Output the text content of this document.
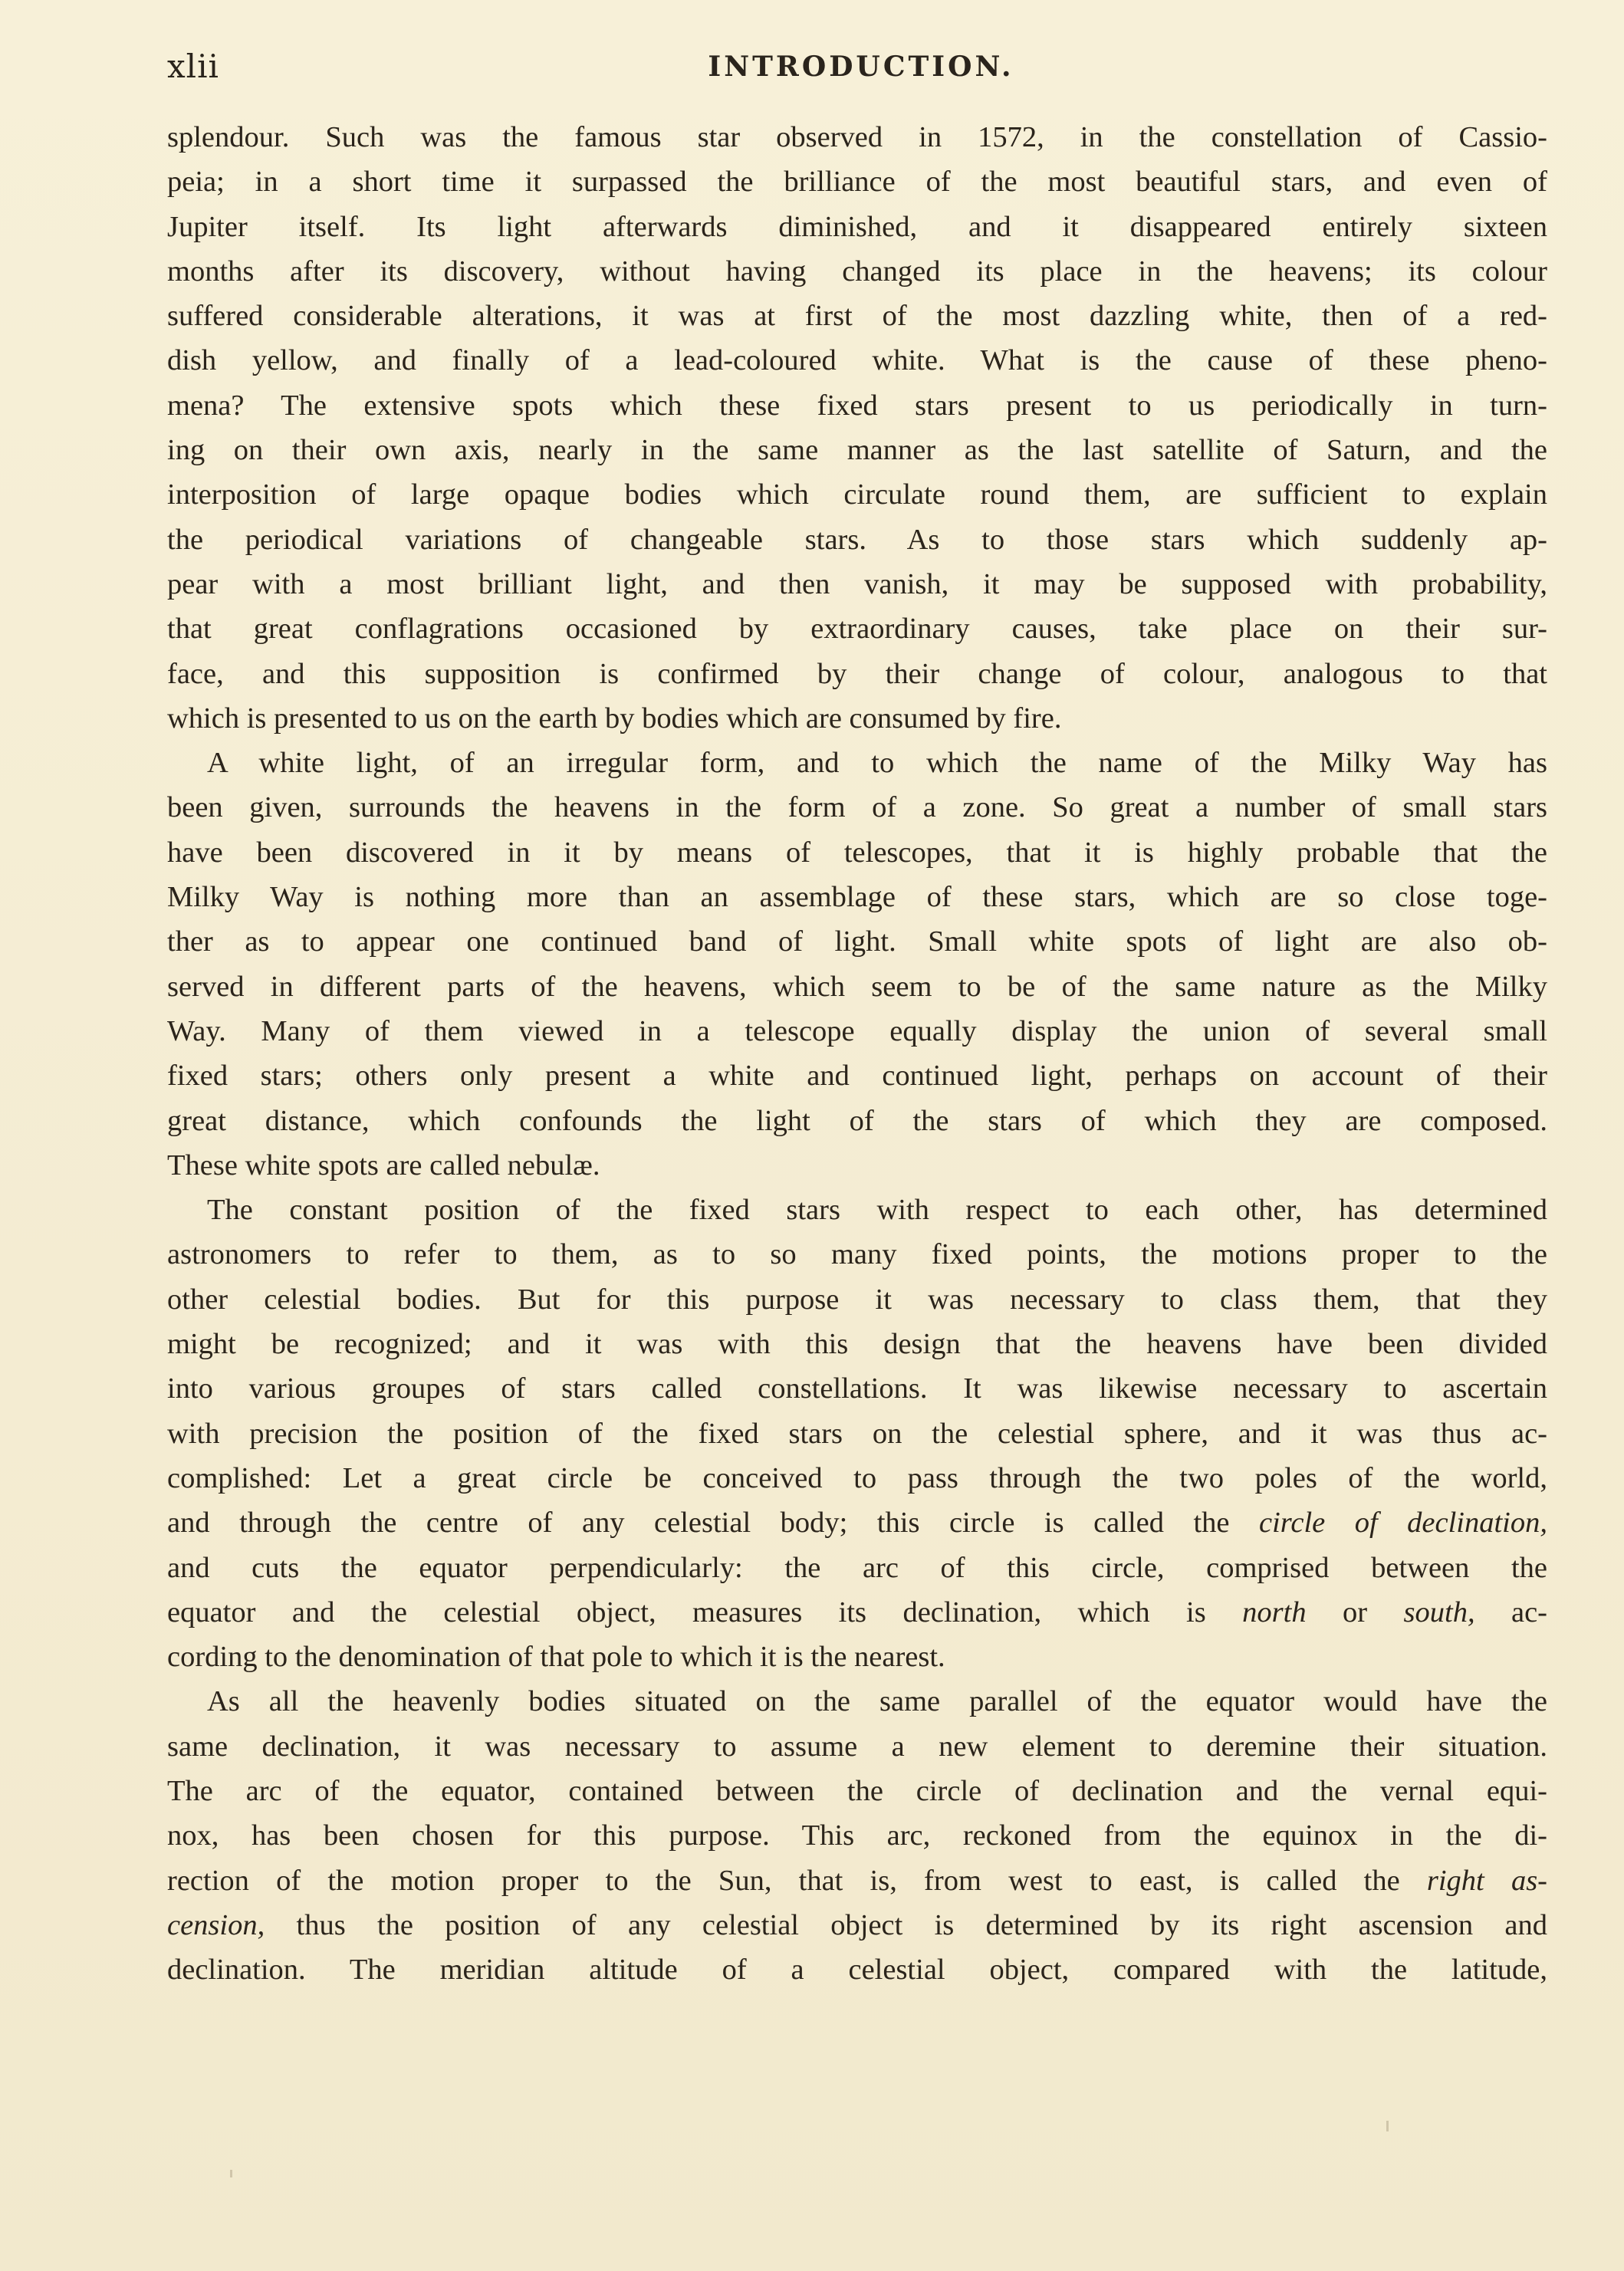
xlii	INTRODUCTION.
splendour. Such was the famous star observed in 1572, in the constellation of Cassio-
peia; in a short time it surpassed the brilliance of the most beautiful stars, and even of
Jupiter itself. Its light afterwards diminished, and it disappeared entirely sixteen
months after its discovery, without having changed its place in the heavens; its colour
suffered considerable alterations, it was at first of the most dazzling white, then of a red-
dish yellow, and finally of a lead-coloured white. What is the cause of these pheno-
mena? The extensive spots which these fixed stars present to us periodically in turn-
ing on their own axis, nearly in the same manner as the last satellite of Saturn, and the
interposition of large opaque bodies which circulate round them, are sufficient to explain
the periodical variations of changeable stars. As to those stars which suddenly ap-
pear with a most brilliant light, and then vanish, it may be supposed with probability,
that great conflagrations occasioned by extraordinary causes, take place on their sur-
face, and this supposition is confirmed by their change of colour, analogous to that
which is presented to us on the earth by bodies which are consumed by fire.
A white light, of an irregular form, and to which the name of the Milky Way has
been given, surrounds the heavens in the form of a zone. So great a number of small stars
have been discovered in it by means of telescopes, that it is highly probable that the
Milky Way is nothing more than an assemblage of these stars, which are so close toge-
ther as to appear one continued band of light. Small white spots of light are also ob-
served in different parts of the heavens, which seem to be of the same nature as the Milky
Way. Many of them viewed in a telescope equally display the union of several small
fixed stars; others only present a white and continued light, perhaps on account of their
great distance, which confounds the light of the stars of which they are composed.
These white spots are called nebulæ.
The constant position of the fixed stars with respect to each other, has determined
astronomers to refer to them, as to so many fixed points, the motions proper to the
other celestial bodies. But for this purpose it was necessary to class them, that they
might be recognized; and it was with this design that the heavens have been divided
into various groupes of stars called constellations. It was likewise necessary to ascertain
with precision the position of the fixed stars on the celestial sphere, and it was thus ac-
complished: Let a great circle be conceived to pass through the two poles of the world,
and through the centre of any celestial body; this circle is called the circle of declination,
and cuts the equator perpendicularly: the arc of this circle, comprised between the
equator and the celestial object, measures its declination, which is north or south, ac-
cording to the denomination of that pole to which it is the nearest.
As all the heavenly bodies situated on the same parallel of the equator would have the
same declination, it was necessary to assume a new element to deremine their situation.
The arc of the equator, contained between the circle of declination and the vernal equi-
nox, has been chosen for this purpose. This arc, reckoned from the equinox in the di-
rection of the motion proper to the Sun, that is, from west to east, is called the right as-
cension, thus the position of any celestial object is determined by its right ascension and
declination. The meridian altitude of a celestial object, compared with the latitude,
